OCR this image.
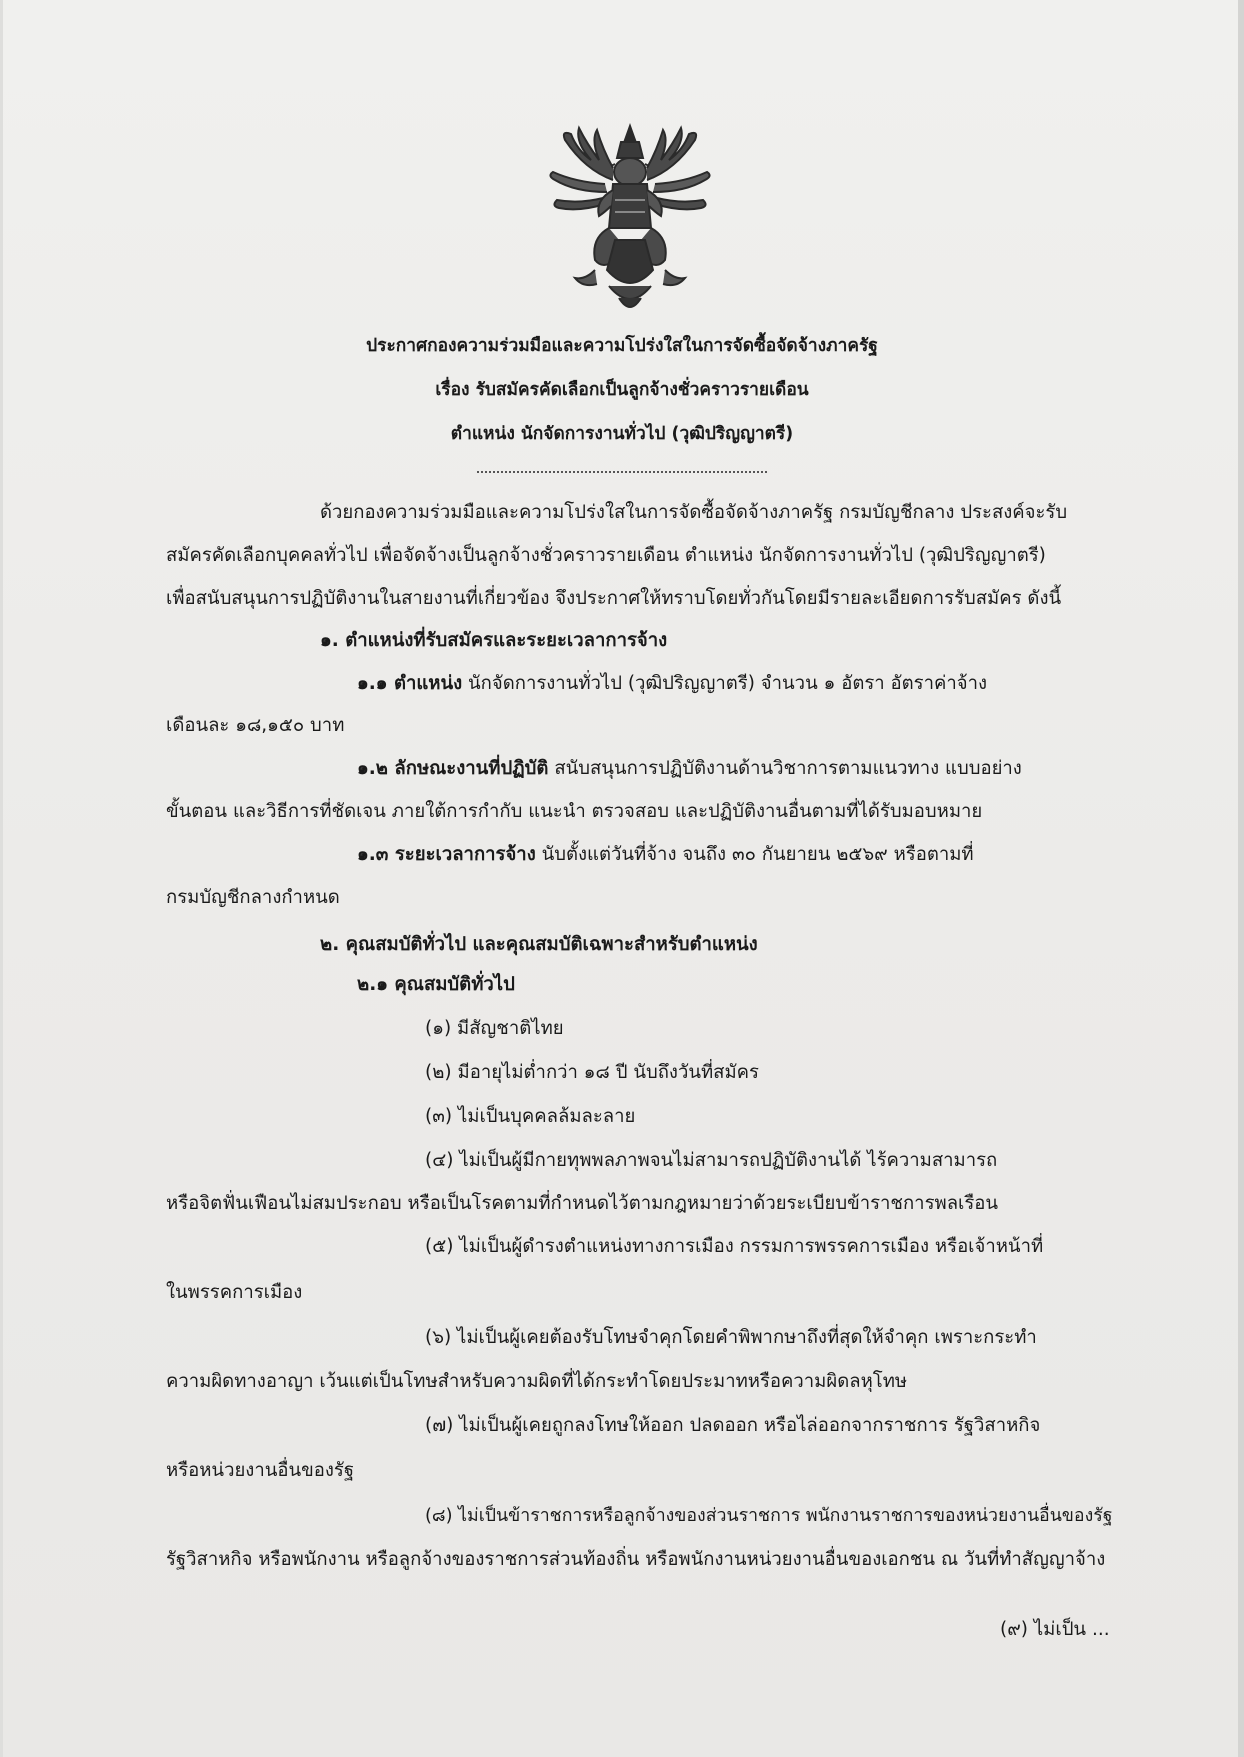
ประกาศกองความร่วมมือและความโปร่งใสในการจัดซื้อจัดจ้างภาครัฐ
เรื่อง รับสมัครคัดเลือกเป็นลูกจ้างชั่วคราวรายเดือน
ตำแหน่ง นักจัดการงานทั่วไป (วุฒิปริญญาตรี)
ด้วยกองความร่วมมือและความโปร่งใสในการจัดซื้อจัดจ้างภาครัฐ กรมบัญชีกลาง ประสงค์จะรับ
สมัครคัดเลือกบุคคลทั่วไป เพื่อจัดจ้างเป็นลูกจ้างชั่วคราวรายเดือน ตำแหน่ง นักจัดการงานทั่วไป (วุฒิปริญญาตรี)
เพื่อสนับสนุนการปฏิบัติงานในสายงานที่เกี่ยวข้อง จึงประกาศให้ทราบโดยทั่วกันโดยมีรายละเอียดการรับสมัคร ดังนี้
๑. ตำแหน่งที่รับสมัครและระยะเวลาการจ้าง
๑.๑ ตำแหน่ง นักจัดการงานทั่วไป (วุฒิปริญญาตรี) จำนวน ๑ อัตรา อัตราค่าจ้าง
เดือนละ ๑๘,๑๕๐ บาท
๑.๒ ลักษณะงานที่ปฏิบัติ สนับสนุนการปฏิบัติงานด้านวิชาการตามแนวทาง แบบอย่าง
ขั้นตอน และวิธีการที่ชัดเจน ภายใต้การกำกับ แนะนำ ตรวจสอบ และปฏิบัติงานอื่นตามที่ได้รับมอบหมาย
๑.๓ ระยะเวลาการจ้าง นับตั้งแต่วันที่จ้าง จนถึง ๓๐ กันยายน ๒๕๖๙ หรือตามที่
กรมบัญชีกลางกำหนด
๒. คุณสมบัติทั่วไป และคุณสมบัติเฉพาะสำหรับตำแหน่ง
๒.๑ คุณสมบัติทั่วไป
(๑) มีสัญชาติไทย
(๒) มีอายุไม่ต่ำกว่า ๑๘ ปี นับถึงวันที่สมัคร
(๓) ไม่เป็นบุคคลล้มละลาย
(๔) ไม่เป็นผู้มีกายทุพพลภาพจนไม่สามารถปฏิบัติงานได้ ไร้ความสามารถ
หรือจิตฟั่นเฟือนไม่สมประกอบ หรือเป็นโรคตามที่กำหนดไว้ตามกฎหมายว่าด้วยระเบียบข้าราชการพลเรือน
(๕) ไม่เป็นผู้ดำรงตำแหน่งทางการเมือง กรรมการพรรคการเมือง หรือเจ้าหน้าที่
ในพรรคการเมือง
(๖) ไม่เป็นผู้เคยต้องรับโทษจำคุกโดยคำพิพากษาถึงที่สุดให้จำคุก เพราะกระทำ
ความผิดทางอาญา เว้นแต่เป็นโทษสำหรับความผิดที่ได้กระทำโดยประมาทหรือความผิดลหุโทษ
(๗) ไม่เป็นผู้เคยถูกลงโทษให้ออก ปลดออก หรือไล่ออกจากราชการ รัฐวิสาหกิจ
หรือหน่วยงานอื่นของรัฐ
(๘) ไม่เป็นข้าราชการหรือลูกจ้างของส่วนราชการ พนักงานราชการของหน่วยงานอื่นของรัฐ
รัฐวิสาหกิจ หรือพนักงาน หรือลูกจ้างของราชการส่วนท้องถิ่น หรือพนักงานหน่วยงานอื่นของเอกชน ณ วันที่ทำสัญญาจ้าง
(๙) ไม่เป็น ...
